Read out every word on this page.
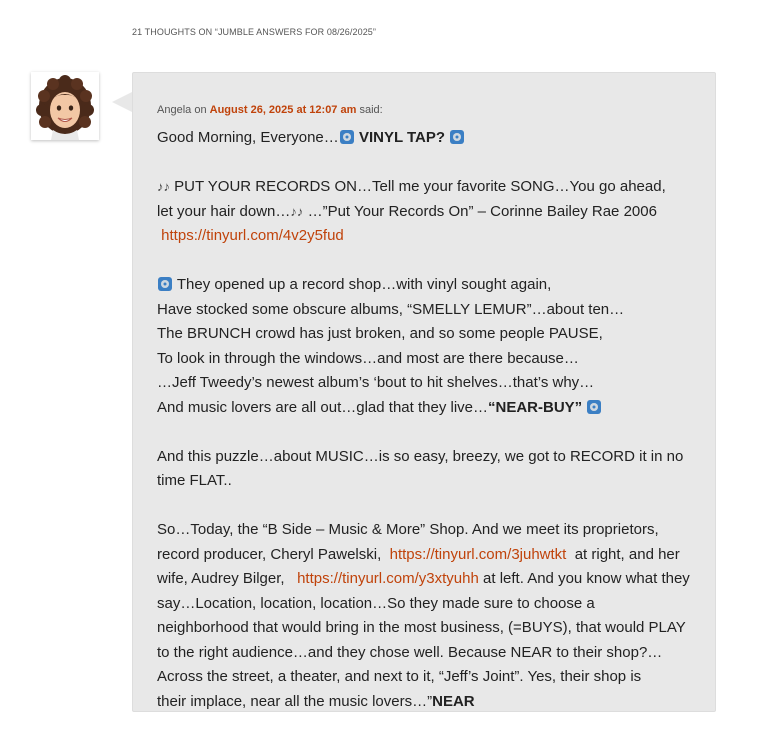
21 THOUGHTS ON “JUMBLE ANSWERS FOR 08/26/2025”
Angela on August 26, 2025 at 12:07 am said:

Good Morning, Everyone… VINYL TAP?

♪♪ PUT YOUR RECORDS ON…Tell me your favorite SONG…You go ahead,
let your hair down…♪♪ …”Put Your Records On” – Corinne Bailey Rae 2006
https://tinyurl.com/4v2y5fud

They opened up a record shop…with vinyl sought again,
Have stocked some obscure albums, “SMELLY LEMUR”…about ten…
The BRUNCH crowd has just broken, and so some people PAUSE,
To look in through the windows…and most are there because…
…Jeff Tweedy’s newest album’s ‘bout to hit shelves…that’s why…
And music lovers are all out…glad that they live…“NEAR-BUY”

And this puzzle…about MUSIC…is so easy, breezy, we got to RECORD it in no
time FLAT..

So…Today, the “B Side – Music & More” Shop. And we meet its proprietors,
record producer, Cheryl Pawelski, https://tinyurl.com/3juhwtkt at right, and her
wife, Audrey Bilger, https://tinyurl.com/y3xtyuhh at left. And you know what they
say…Location, location, location…So they made sure to choose a
neighborhood that would bring in the most business, (=BUYS), that would PLAY
to the right audience…and they chose well. Because NEAR to their shop?…
Across the street, a theater, and next to it, “Jeff’s Joint”. Yes, their shop is
their implace, near all the music lovers…”NEAR
